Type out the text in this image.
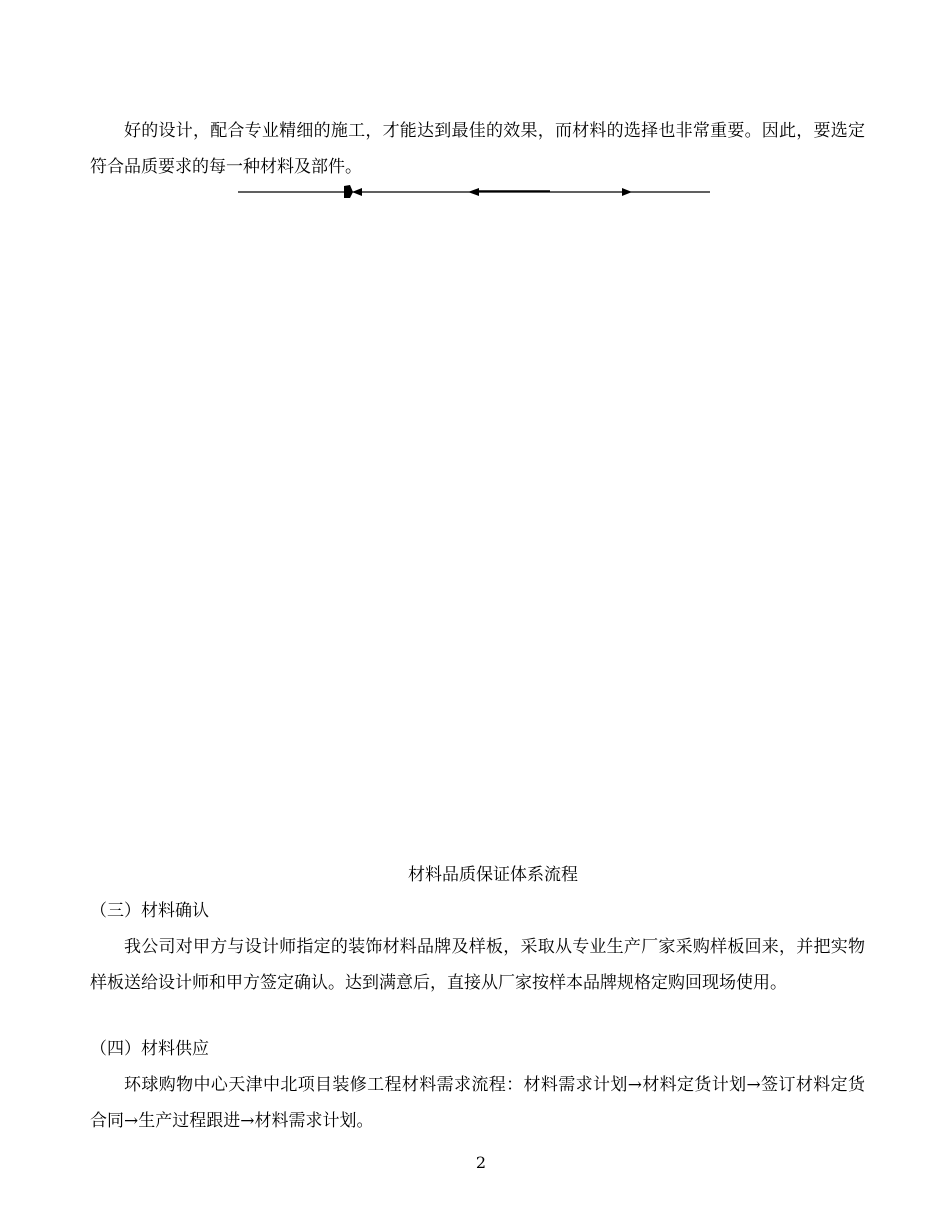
好的设计，配合专业精细的施工，才能达到最佳的效果，而材料的选择也非常重要。因此，要选定符合品质要求的每一种材料及部件。

材料品质保证体系流程

（三）材料确认

我公司对甲方与设计师指定的装饰材料品牌及样板，采取从专业生产厂家采购样板回来，并把实物样板送给设计师和甲方签定确认。达到满意后，直接从厂家按样本品牌规格定购回现场使用。

（四）材料供应

环球购物中心天津中北项目装修工程材料需求流程：材料需求计划→材料定货计划→签订材料定货合同→生产过程跟进→材料需求计划。

2
